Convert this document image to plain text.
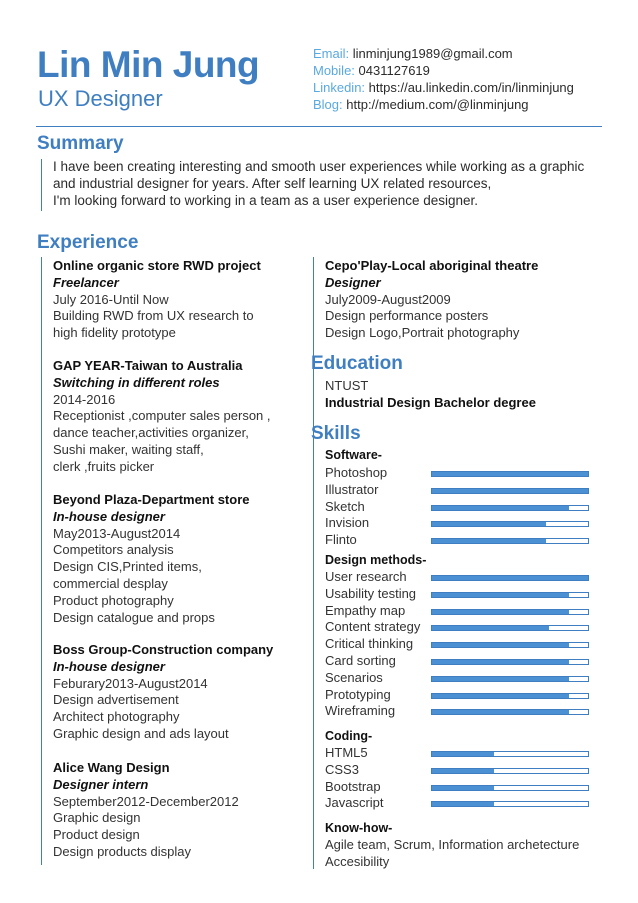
Lin Min Jung
UX Designer
Email: linminjung1989@gmail.com
Mobile: 0431127619
Linkedin: https://au.linkedin.com/in/linminjung
Blog: http://medium.com/@linminjung
Summary
I have been creating interesting and smooth user experiences while working as a graphic
and industrial designer for years. After self learning UX related resources,
I'm looking forward to working in a team as a user experience designer.
Experience
Online organic store RWD project
Freelancer
July 2016-Until Now
Building RWD from UX research to
high fidelity prototype
GAP YEAR-Taiwan to Australia
Switching in different roles
2014-2016
Receptionist ,computer sales person ,
dance teacher,activities organizer,
Sushi maker, waiting staff,
clerk ,fruits picker
Beyond Plaza-Department store
In-house designer
May2013-August2014
Competitors analysis
Design CIS,Printed items,
commercial desplay
Product photography
Design catalogue and props
Boss Group-Construction company
In-house designer
Feburary2013-August2014
Design advertisement
Architect photography
Graphic design and ads layout
Alice Wang Design
Designer intern
September2012-December2012
Graphic design
Product design
Design products display
Cepo'Play-Local aboriginal theatre
Designer
July2009-August2009
Design performance posters
Design Logo,Portrait photography
Education
NTUST
Industrial Design Bachelor degree
Skills
Software-
Photoshop
Illustrator
Sketch
Invision
Flinto
Design methods-
User research
Usability testing
Empathy map
Content strategy
Critical thinking
Card sorting
Scenarios
Prototyping
Wireframing
Coding-
HTML5
CSS3
Bootstrap
Javascript
Know-how-
Agile team, Scrum, Information archetecture
Accesibility
